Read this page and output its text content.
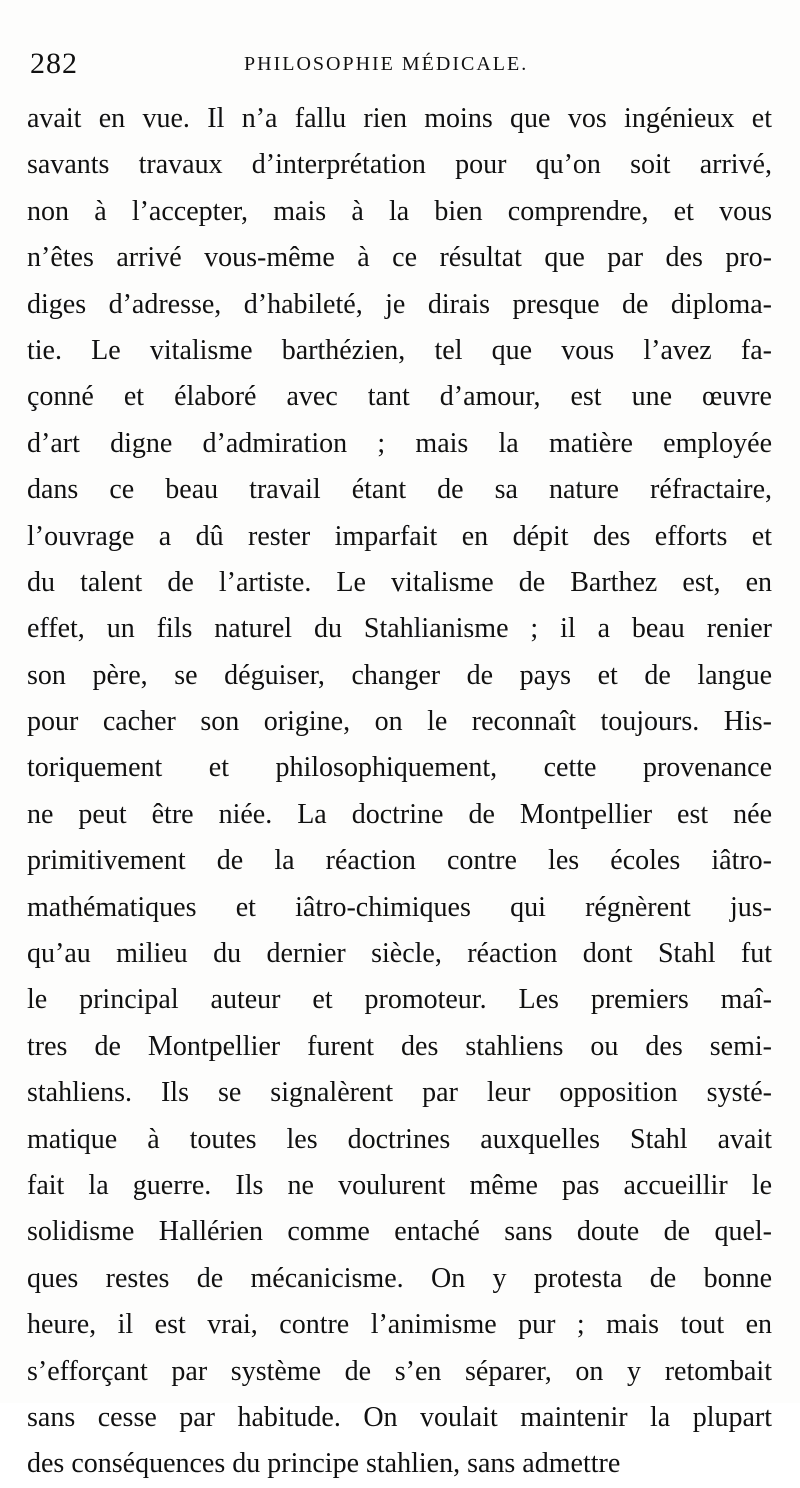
282	PHILOSOPHIE MÉDICALE.
avait en vue. Il n’a fallu rien moins que vos ingénieux et
savants travaux d’interprétation pour qu’on soit arrivé,
non à l’accepter, mais à la bien comprendre, et vous
n’êtes arrivé vous-même à ce résultat que par des pro-
diges d’adresse, d’habileté, je dirais presque de diploma-
tie. Le vitalisme barthézien, tel que vous l’avez fa-
çonné et élaboré avec tant d’amour, est une œuvre
d’art digne d’admiration ; mais la matière employée
dans ce beau travail étant de sa nature réfractaire,
l’ouvrage a dû rester imparfait en dépit des efforts et
du talent de l’artiste. Le vitalisme de Barthez est, en
effet, un fils naturel du Stahlianisme ; il a beau renier
son père, se déguiser, changer de pays et de langue
pour cacher son origine, on le reconnaît toujours. His-
toriquement et philosophiquement, cette provenance
ne peut être niée. La doctrine de Montpellier est née
primitivement de la réaction contre les écoles iâtro-
mathématiques et iâtro-chimiques qui régnèrent jus-
qu’au milieu du dernier siècle, réaction dont Stahl fut
le principal auteur et promoteur. Les premiers maî-
tres de Montpellier furent des stahliens ou des semi-
stahliens. Ils se signalèrent par leur opposition systé-
matique à toutes les doctrines auxquelles Stahl avait
fait la guerre. Ils ne voulurent même pas accueillir le
solidisme Hallérien comme entaché sans doute de quel-
ques restes de mécanicisme. On y protesta de bonne
heure, il est vrai, contre l’animisme pur ; mais tout en
s’efforçant par système de s’en séparer, on y retombait
sans cesse par habitude. On voulait maintenir la plupart
des conséquences du principe stahlien, sans admettre
